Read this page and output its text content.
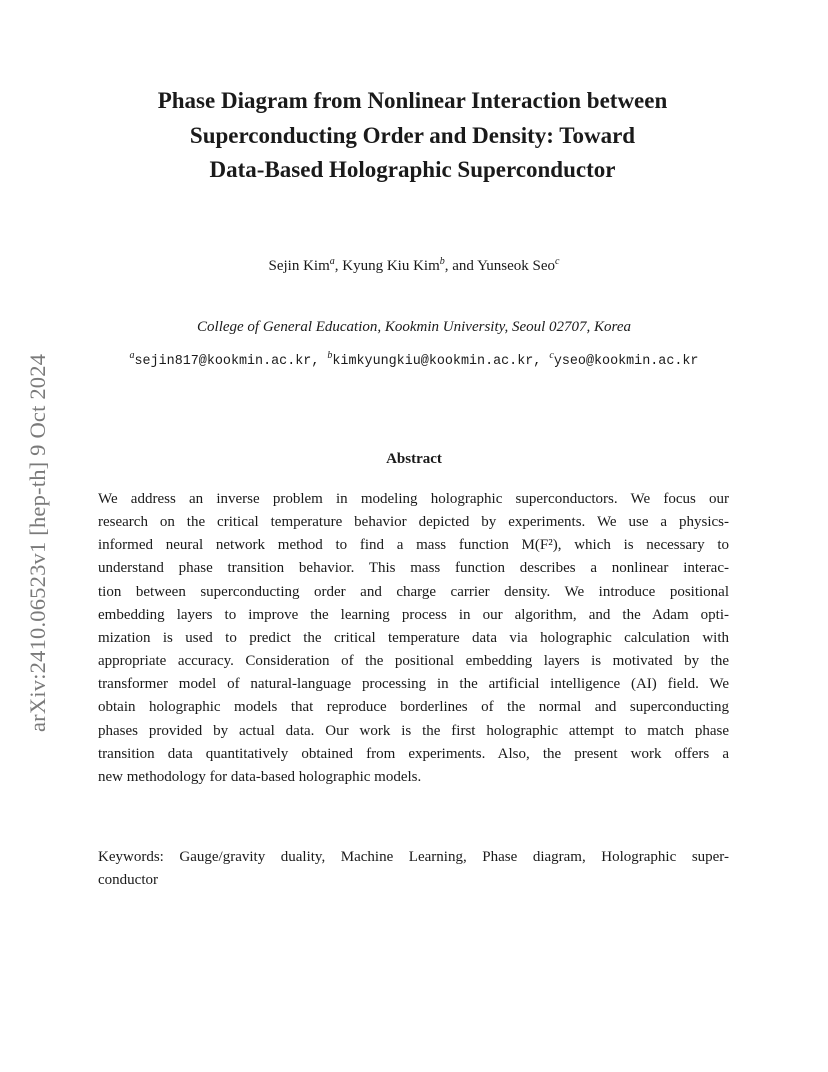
arXiv:2410.06523v1 [hep-th] 9 Oct 2024
Phase Diagram from Nonlinear Interaction between
Superconducting Order and Density: Toward
Data-Based Holographic Superconductor
Sejin Kim$^a$, Kyung Kiu Kim$^b$, and Yunseok Seo$^c$
College of General Education, Kookmin University, Seoul 02707, Korea
$^a$sejin817@kookmin.ac.kr, $^b$kimkyungkiu@kookmin.ac.kr, $^c$yseo@kookmin.ac.kr
Abstract
We address an inverse problem in modeling holographic superconductors. We focus our
research on the critical temperature behavior depicted by experiments. We use a physics-
informed neural network method to find a mass function M(F²), which is necessary to
understand phase transition behavior. This mass function describes a nonlinear interac-
tion between superconducting order and charge carrier density. We introduce positional
embedding layers to improve the learning process in our algorithm, and the Adam opti-
mization is used to predict the critical temperature data via holographic calculation with
appropriate accuracy. Consideration of the positional embedding layers is motivated by the
transformer model of natural-language processing in the artificial intelligence (AI) field. We
obtain holographic models that reproduce borderlines of the normal and superconducting
phases provided by actual data. Our work is the first holographic attempt to match phase
transition data quantitatively obtained from experiments. Also, the present work offers a
new methodology for data-based holographic models.
Keywords: Gauge/gravity duality, Machine Learning, Phase diagram, Holographic super-
conductor
